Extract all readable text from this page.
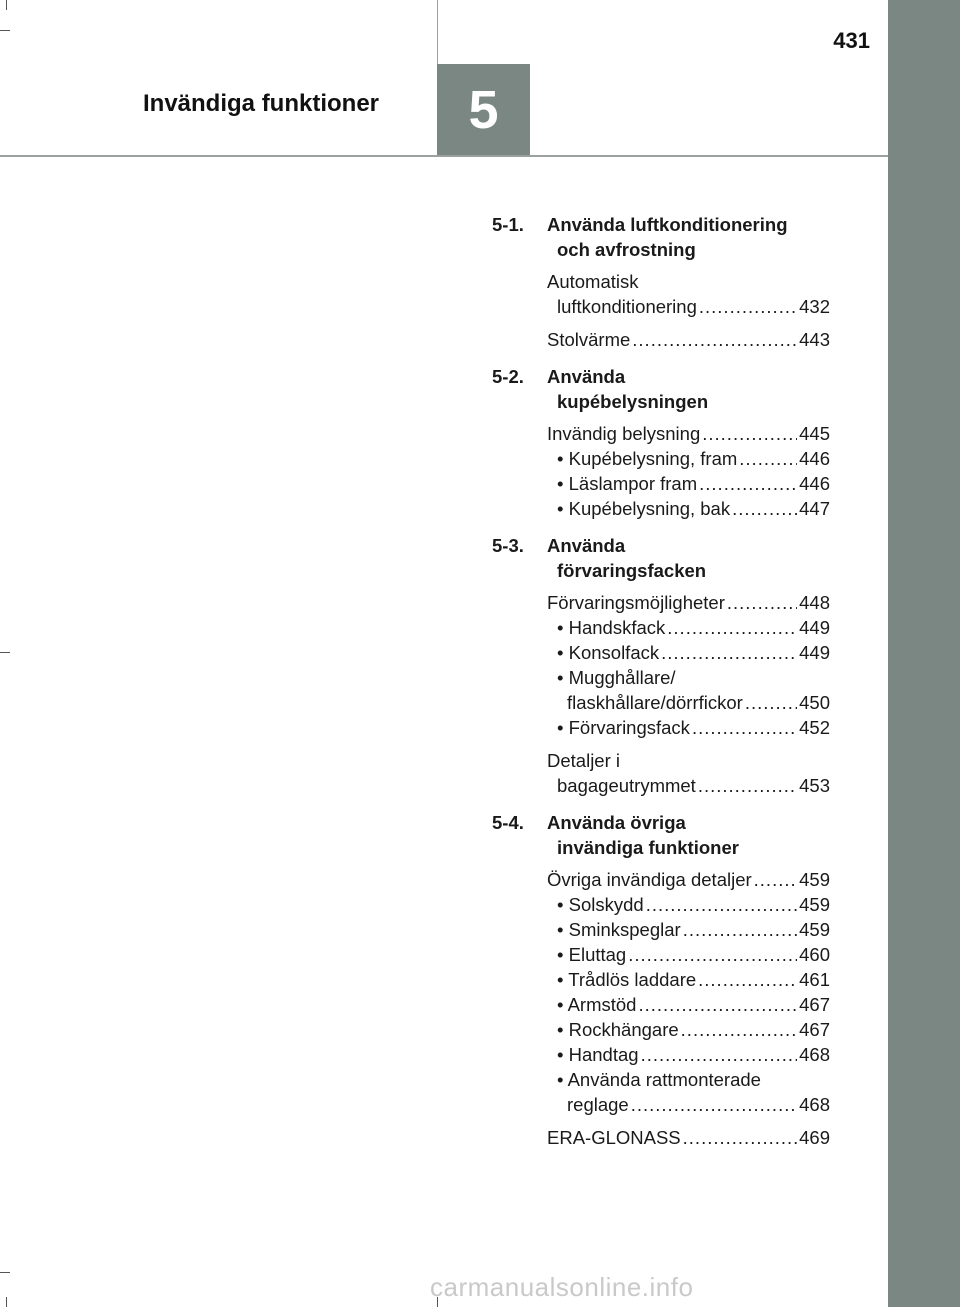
5
Invändiga funktioner
431
5-1.	Använda luftkonditionering
och avfrostning
Automatisk
luftkonditionering .....	432
Stolvärme .....	443
5-2.	Använda
kupébelysningen
Invändig belysning .....	445
• Kupébelysning, fram .....	446
• Läslampor fram .....	446
• Kupébelysning, bak .....	447
5-3.	Använda
förvaringsfacken
Förvaringsmöjligheter .....	448
• Handskfack .....	449
• Konsolfack .....	449
• Mugghållare/
flaskhållare/dörrfickor .....	450
• Förvaringsfack .....	452
Detaljer i
bagageutrymmet .....	453
5-4.	Använda övriga
invändiga funktioner
Övriga invändiga detaljer .....	459
• Solskydd .....	459
• Sminkspeglar .....	459
• Eluttag .....	460
• Trådlös laddare .....	461
• Armstöd .....	467
• Rockhängare .....	467
• Handtag .....	468
• Använda rattmonterade
reglage .....	468
ERA-GLONASS .....	469
carmanualsonline.info
